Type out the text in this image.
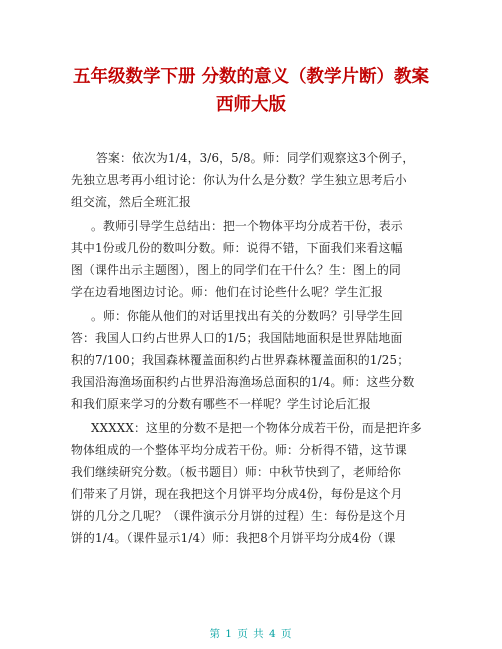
五年级数学下册 分数的意义（教学片断）教案
西师大版
答案：依次为1/4，3/6，5/8。师：同学们观察这3个例子，
先独立思考再小组讨论：你认为什么是分数？学生独立思考后小
组交流，然后全班汇报
。教师引导学生总结出：把一个物体平均分成若干份，表示
其中1份或几份的数叫分数。师：说得不错，下面我们来看这幅
图（课件出示主题图），图上的同学们在干什么？生：图上的同
学在边看地图边讨论。师：他们在讨论些什么呢？学生汇报
。师：你能从他们的对话里找出有关的分数吗？引导学生回
答：我国人口约占世界人口的1/5；我国陆地面积是世界陆地面
积的7/100；我国森林覆盖面积约占世界森林覆盖面积的1/25；
我国沿海渔场面积约占世界沿海渔场总面积的1/4。师：这些分数
和我们原来学习的分数有哪些不一样呢？学生讨论后汇报
XXXXX：这里的分数不是把一个物体分成若干份，而是把许多
物体组成的一个整体平均分成若干份。师：分析得不错，这节课
我们继续研究分数。（板书题目）师：中秋节快到了，老师给你
们带来了月饼，现在我把这个月饼平均分成4份，每份是这个月
饼的几分之几呢？（课件演示分月饼的过程）生：每份是这个月
饼的1/4。（课件显示1/4）师：我把8个月饼平均分成4份（课
第 1 页 共 4 页
